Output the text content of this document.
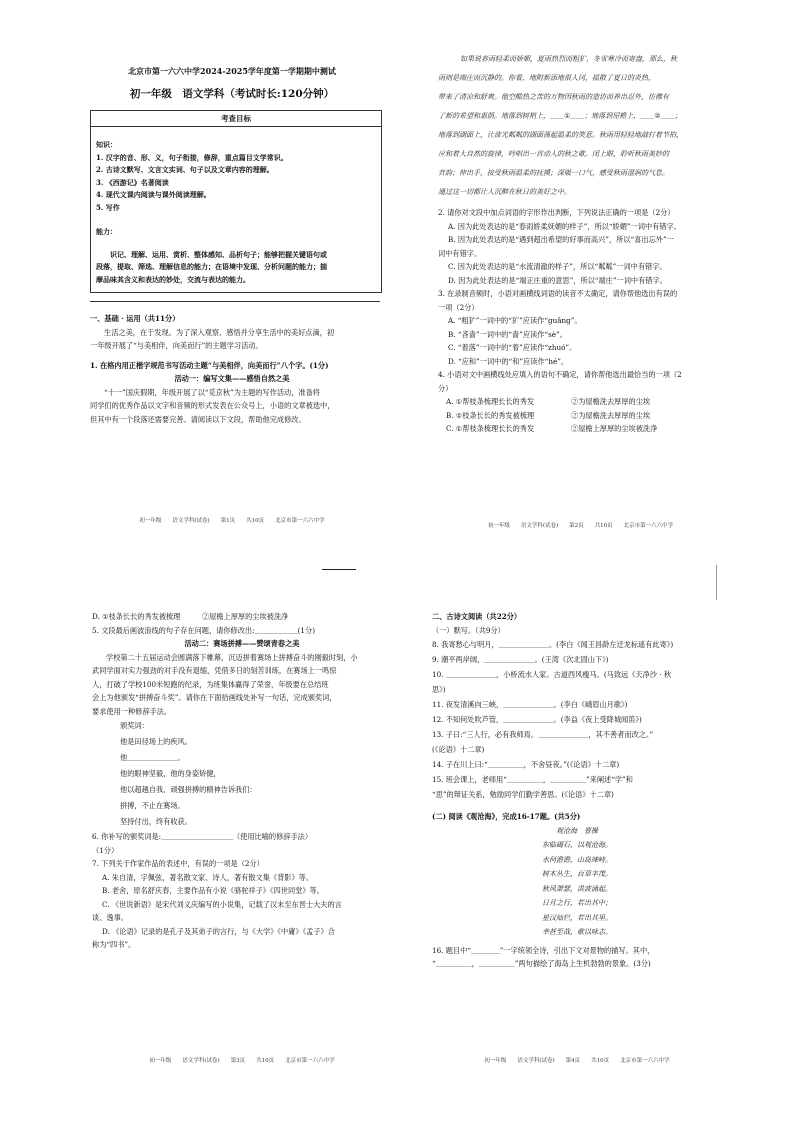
北京市第一六六中学2024-2025学年度第一学期期中测试
初一年级　语文学科（考试时长:120分钟）
考查目标
知识：
1. 汉字的音、形、义，句子衔接，修辞，重点篇目文学常识。
2. 古诗文默写、文言文实词、句子以及文章内容的理解。
3. 《西游记》名著阅读
4. 现代文课内阅读与课外阅读理解。
5. 写作
能力：
识记、理解、运用、赏析、整体感知、品析句子；能够把握关键语句或
段落，提取、筛选、理解信息的能力；在语境中发现、分析问题的能力；揣
摩品味其含义和表达的妙处，交流与表达的能力。
一、基础 · 运用（共11分）
生活之美，在于发现。为了深入观察、感悟并分享生活中的美好点滴，初
一年级开展了“与美相伴，向美而行”的主题学习活动。
1. 在格内用正楷字规范书写活动主题“与美相伴，向美而行”八个字。(1分)
活动一：编写文集——感悟自然之美
“十一”国庆假期，年级开展了以“觅京秋”为主题的写作活动，准备将
同学们的优秀作品以文字和音频的形式发表在公众号上，小语的文章被选中，
但其中有一个段落还需要完善。请阅读以下文段，帮助他完成修改。
初一年级　　语文学科(试卷)　　第1页　　共10页　　北京市第一六六中学
如果说春雨轻柔而娇媚，夏雨热烈而粗犷，冬雪寒冷而寄盎，那么，秋
雨则是端庄而沉静的。你看，地附新添地很人冈，摇散了夏日的炎热，
带来了清凉和舒爽。他空酷热之苦的万物因秋雨的造访而养出忍外，仿佛有
了新的希望和惠荫。地落到树梢上，＿＿①＿＿；地落到屋檐上，＿＿②＿＿；
地落到湖面上，让波光粼粼的湖面荡起温柔的笑意。秋雨用轻轻地敲打着节拍，
应和着大自然的旋律，吟唱出一首动人的秋之歌。闭上眼，聆听秋雨美妙的
音韵；伸出手，接受秋雨温柔的抚摸；深吸一口气，感受秋雨湿润的气息。
通过这一切都让人沉醉在秋日的美好之中。
2. 请你对文段中加点词语的字形作出判断，下列说法正确的一项是（2分）
A. 因为此处表达的是“春雨娇柔妩媚的样子”，所以“娇媚”一词中有错字。
B. 因为此处表达的是“遇到超出希望的好事而高兴”，所以“喜出忘外”一
词中有错字。
C. 因为此处表达的是“水流清澈的样子”，所以“粼粼”一词中有错字。
D. 因为此处表达的是“端正庄重的意思”，所以“端庄”一词中有错字。
3. 在录制音频时，小语对画横线词语的读音不太确定，请你帮他选出有误的
一项（2分）
A. “粗犷”一词中的“犷”应读作“guǎng”。
B. “吝啬”一词中的“啬”应读作“sè”。
C. “着落”一词中的“着”应读作“zhuó”。
D. “应和”一词中的“和”应读作“hé”。
4. 小语对文中画横线处应填入的语句不确定，请你帮他选出最恰当的一项（2
分）
A. ①帮枝条梳理长长的秀发	②为屋檐洗去厚厚的尘埃
B. ①枝条长长的秀发被梳理	②为屋檐洗去厚厚的尘埃
C. ①帮枝条梳理长长的秀发	②屋檐上厚厚的尘埃被洗净
初一年级　　语文学科(试卷)　　第2页　　共10页　　北京市第一六六中学
D. ①枝条长长的秀发被梳理　　　②屋檐上厚厚的尘埃被洗净
5. 文段最后画波浪线的句子存在问题，请你修改出:＿＿＿＿＿＿(1分)
活动二：赛场拼搏——赞颂青春之美
学校第二十五届运动会圆满落下帷幕，沉迈拼着赛场上拼搏奋斗的刚毅时刻，小
武同学面对实力强劲的对手没有退缩，凭借多日的刻苦训练，在赛场上一鸣惊
人，打破了学校100米短跑的纪录，为班集体赢得了荣誉，年级要在总结班
会上为他颁发“拼搏奋斗奖”。请你在下面拾画线处补写一句话，完成颁奖词，
要求使用一种修辞手法。
颁奖词：
他是田径场上的疾风。
他＿＿＿＿＿＿＿。
他的眼神坚毅，他的身姿矫健，
他以超越自我、顽强拼搏的精神告诉我们：
拼搏，不止在赛场。
坚持付出，终有收获。
6. 你补写的颁奖词是:＿＿＿＿＿＿＿＿＿＿（使用比喻的修辞手法）
（1分）
7. 下列关于作家作品的表述中，有误的一项是（2分）
A. 朱自清，字佩弦，著名散文家、诗人，著有散文集《背影》等。
B. 老舍，原名舒庆春，主要作品有小说《骆驼祥子》《四世同堂》等。
C. 《世说新语》是宋代刘义庆编写的小说集，记载了汉末至东晋士大夫的言
谈、逸事。
D. 《论语》记录的是孔子及其弟子的言行，与《大学》《中庸》《孟子》合
称为“四书”。
初一年级　　语文学科(试卷)　　第3页　　共10页　　北京市第一六六中学
二、古诗文阅读（共22分）
（一）默写。（共9分）
8. 我寄愁心与明月，＿＿＿＿＿＿＿。(李白《闻王昌龄左迁龙标遥有此寄》)
9. 潮平两岸阔，＿＿＿＿＿＿＿。(王湾《次北固山下》)
10. ＿＿＿＿＿＿＿，小桥流水人家。古道西风瘦马。(马致远《天净沙 · 秋
思》)
11. 夜发清溪向三峡，＿＿＿＿＿＿＿。(李白《峨眉山月歌》)
12. 不知何处吹芦管，＿＿＿＿＿＿＿。(李益《夜上受降城闻笛》)
13. 子曰:“三人行，必有我师焉。＿＿＿＿＿＿＿，其不善者而改之。”
(《论语》十二章)
14. 子在川上曰:“＿＿＿＿＿，不舍昼夜。”(《论语》十二章)
15. 班会课上，老师用“＿＿＿＿＿，＿＿＿＿＿”来阐述“学”和
“思”的辩证关系，勉励同学们勤学善思。(《论语》十二章)
(二) 阅读《观沧海》，完成16-17题。(共5分)
观沧海　曹操
东临碣石，以观沧海。
水何澹澹，山岛竦峙。
树木丛生，百草丰茂。
秋风萧瑟，洪波涌起。
日月之行，若出其中；
星汉灿烂，若出其里。
幸甚至哉，歌以咏志。
16. 题目中“＿＿＿＿”一字统领全诗，引出下文对景物的描写。其中，
“＿＿＿＿＿，＿＿＿＿＿”两句描绘了海岛上生机勃勃的景象。(3分)
初一年级　　语文学科(试卷)　　第4页　　共10页　　北京市第一六六中学
